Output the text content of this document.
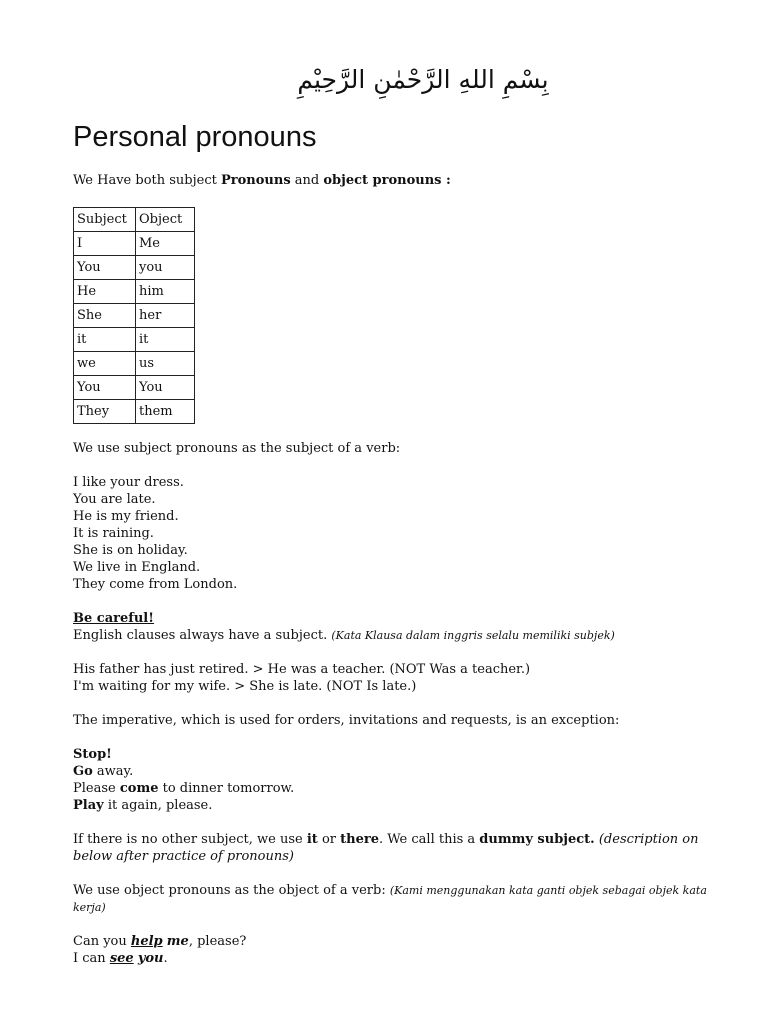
بِسْمِ اللهِ الرَّحْمٰنِ الرَّحِيْمِ
Personal pronouns

We Have both subject Pronouns and object pronouns :

Subject	Object
I	Me
You	you
He	him
She	her
it	it
we	us
You	You
They	them

We use subject pronouns as the subject of a verb:

I like your dress.

You are late.

He is my friend.

It is raining.

She is on holiday.

We live in England.

They come from London.

Be careful!

English clauses always have a subject. (Kata Klausa dalam inggris selalu memiliki subjek)

His father has just retired. > He was a teacher. (NOT Was a teacher.)

I'm waiting for my wife. > She is late. (NOT Is late.)

The imperative, which is used for orders, invitations and requests, is an exception:

Stop!

Go away.

Please come to dinner tomorrow.

Play it again, please.

If there is no other subject, we use it or there. We call this a dummy subject. (description on below after practice of pronouns)

We use object pronouns as the object of a verb: (Kami menggunakan kata ganti objek sebagai objek kata kerja)

Can you help me, please?

I can see you.
